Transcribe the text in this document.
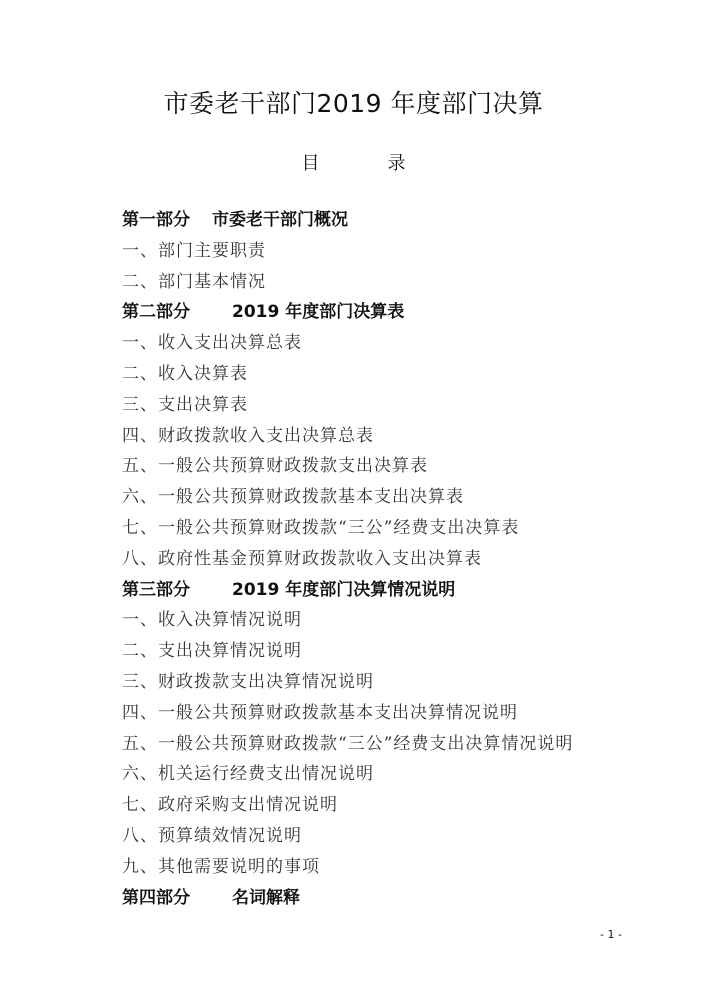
市委老干部门2019 年度部门决算
目	录
第一部分 市委老干部门概况
一、部门主要职责
二、部门基本情况
第二部分 2019 年度部门决算表
一、收入支出决算总表
二、收入决算表
三、支出决算表
四、财政拨款收入支出决算总表
五、一般公共预算财政拨款支出决算表
六、一般公共预算财政拨款基本支出决算表
七、一般公共预算财政拨款“三公”经费支出决算表
八、政府性基金预算财政拨款收入支出决算表
第三部分 2019 年度部门决算情况说明
一、收入决算情况说明
二、支出决算情况说明
三、财政拨款支出决算情况说明
四、一般公共预算财政拨款基本支出决算情况说明
五、一般公共预算财政拨款“三公”经费支出决算情况说明
六、机关运行经费支出情况说明
七、政府采购支出情况说明
八、预算绩效情况说明
九、其他需要说明的事项
第四部分 名词解释
- 1 -
